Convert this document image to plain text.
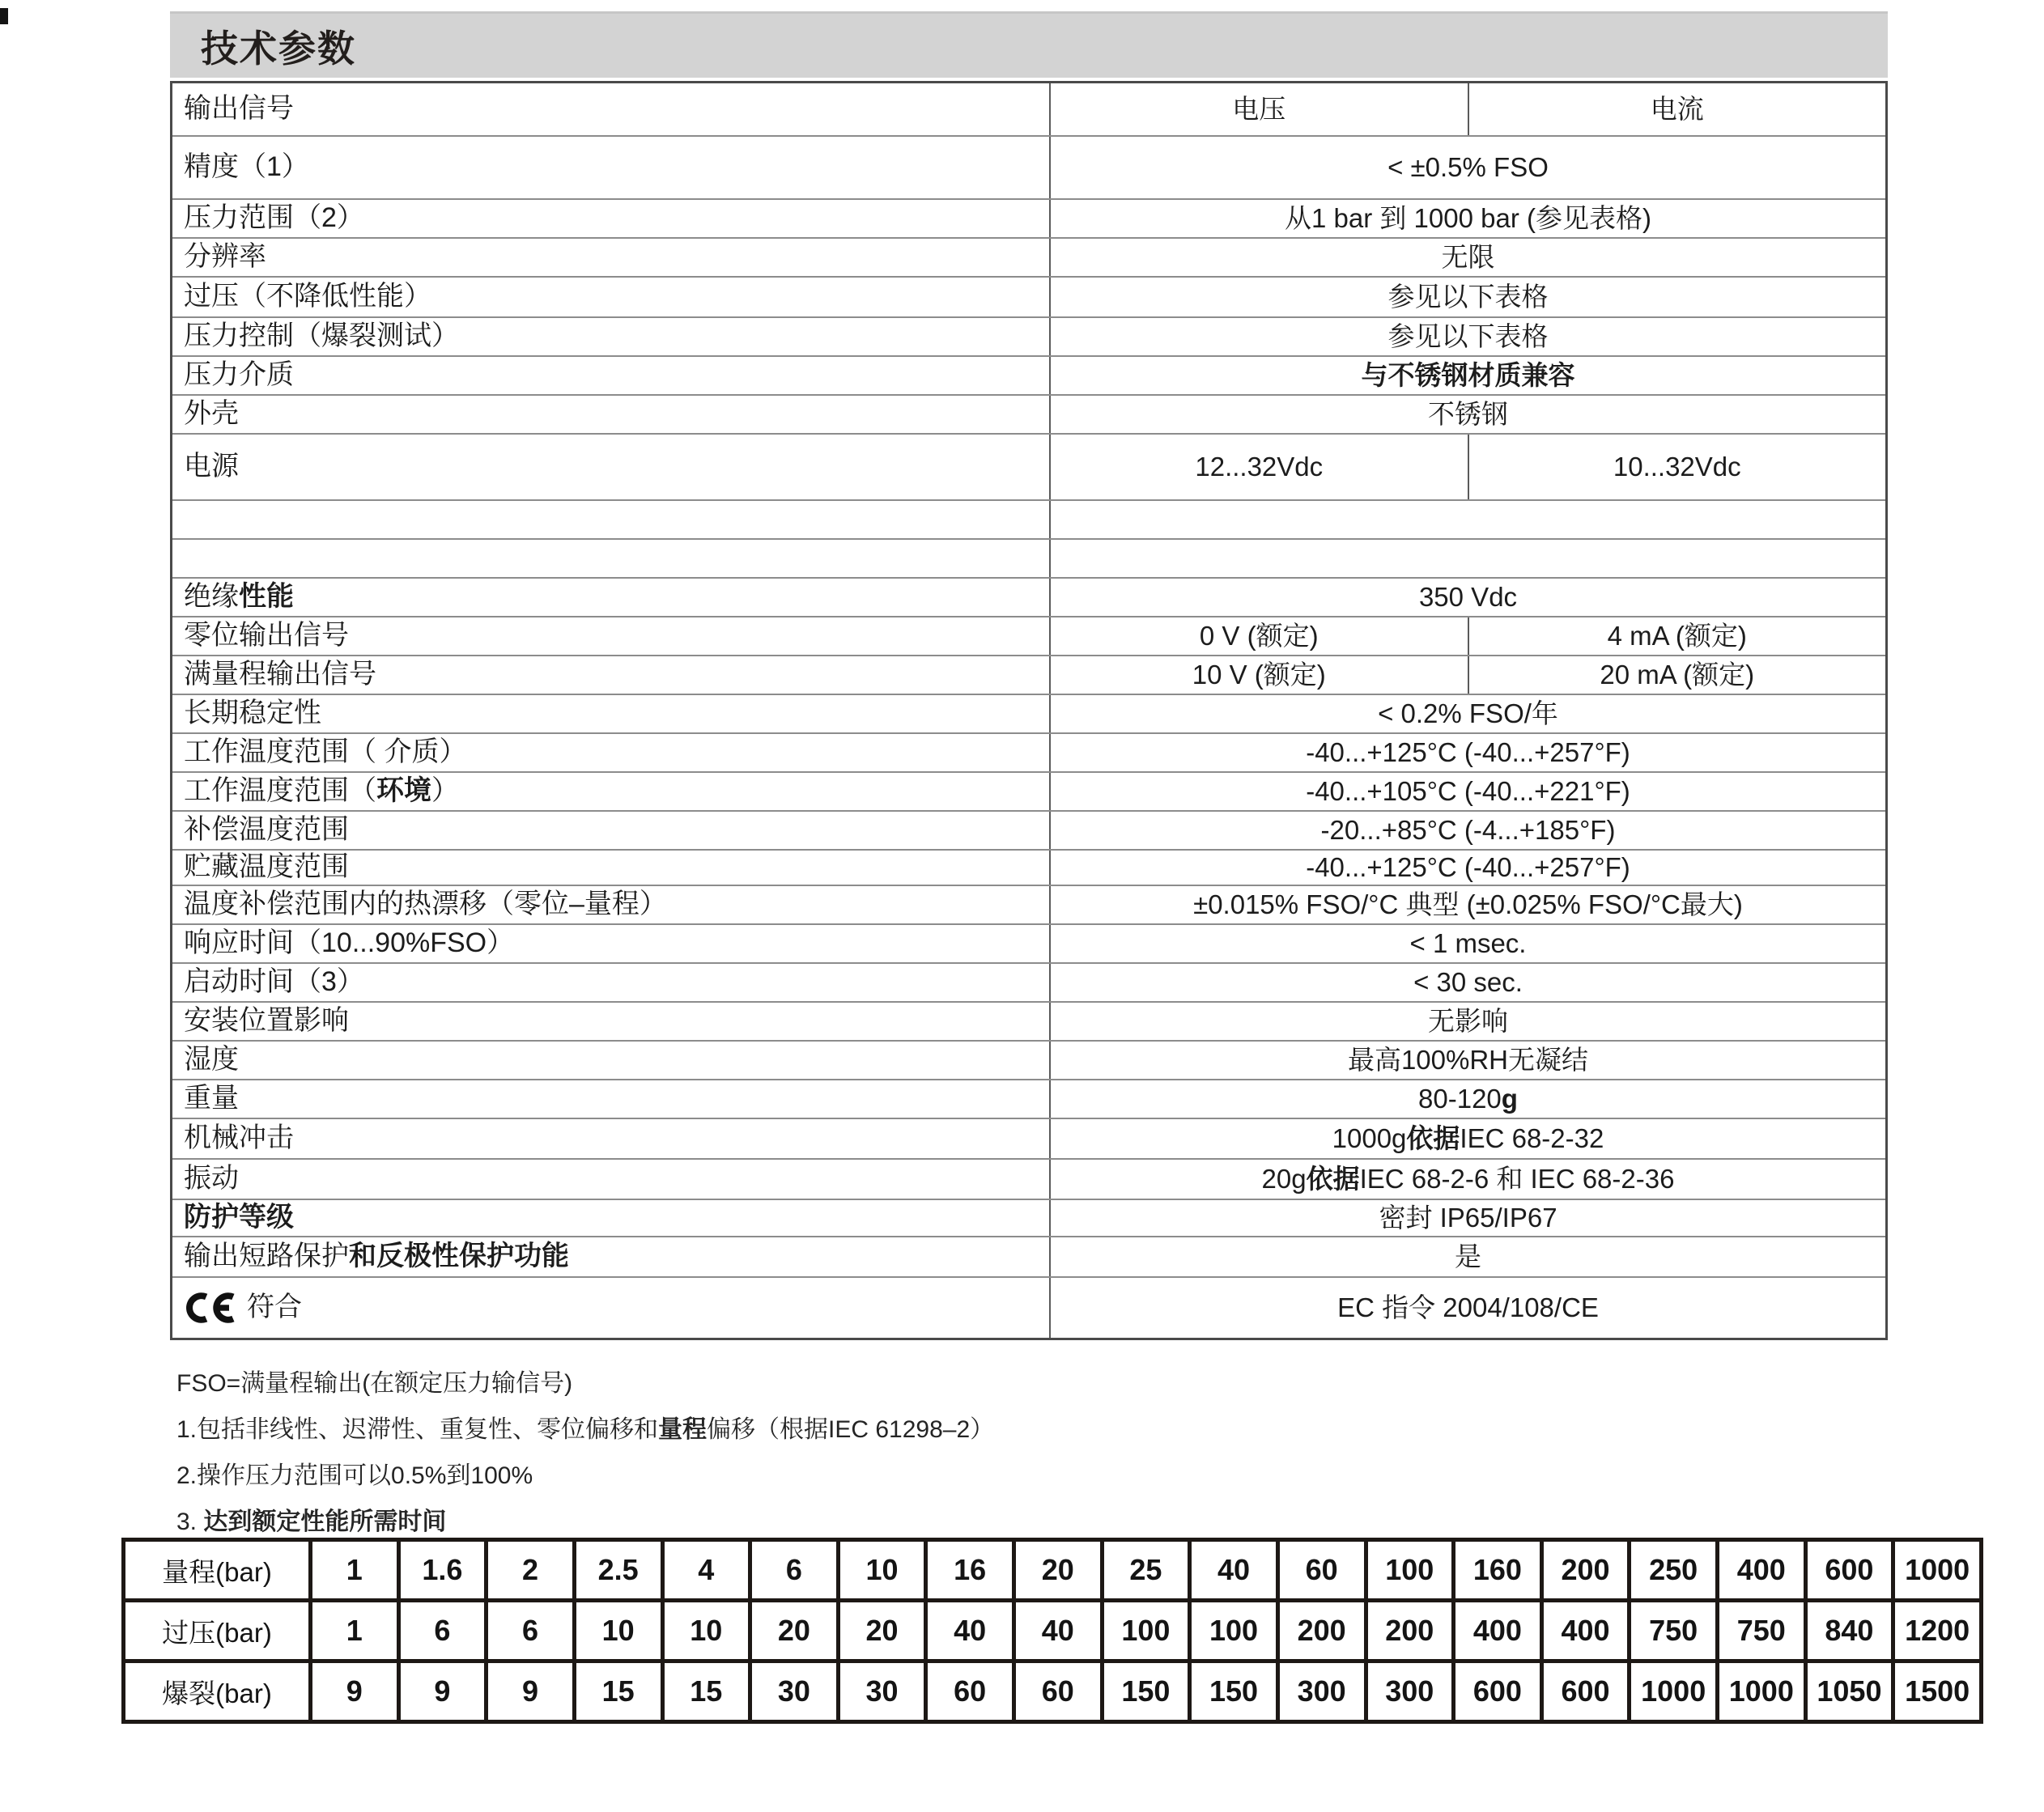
技术参数
输出信号	电压	电流
精度（1）	< ±0.5% FSO
压力范围（2）	从1 bar 到 1000 bar (参见表格)
分辨率	无限
过压（不降低性能）	参见以下表格
压力控制（爆裂测试）	参见以下表格
压力介质	与不锈钢材质兼容
外壳	不锈钢
电源	12...32Vdc	10...32Vdc
绝缘 性能	350 Vdc
零位输出信号	0 V (额定)	4 mA (额定)
满量程输出信号	10 V (额定)	20 mA (额定)
长期稳定性	< 0.2% FSO/年
工作温度范围（ 介质）	-40...+125°C (-40...+257°F)
工作温度范围（ 环境 ）	-40...+105°C (-40...+221°F)
补偿温度范围	-20...+85°C (-4...+185°F)
贮藏温度范围	-40...+125°C (-40...+257°F)
温度补偿范围内的热漂移（零位–量程）	±0.015% FSO/°C 典型 (±0.025% FSO/°C最大)
响应时间（10...90%FSO）	< 1 msec.
启动时间（3）	< 30 sec.
安装位置影响	无影响
湿度	最高100%RH无凝结
重量	80-120 g
机械冲击	1000g 依据 IEC 68-2-32
振动	20g 依据 IEC 68-2-6 和 IEC 68-2-36
防护等级	密封 IP65/IP67
输出短路保护 和反极性保护功能	是
符合	EC 指令 2004/108/CE
FSO=满量程输出(在额定压力输信号)
1.包括非线性、迟滞性、重复性、零位偏移和量程偏移（根据IEC 61298–2）
2.操作压力范围可以0.5%到100%
3. 达到额定性能所需时间
量程(bar)	1	1.6	2	2.5	4	6	10	16	20	25	40	60	100	160	200	250	400	600	1000
过压(bar)	1	6	6	10	10	20	20	40	40	100	100	200	200	400	400	750	750	840	1200
爆裂(bar)	9	9	9	15	15	30	30	60	60	150	150	300	300	600	600	1000	1000	1050	1500
